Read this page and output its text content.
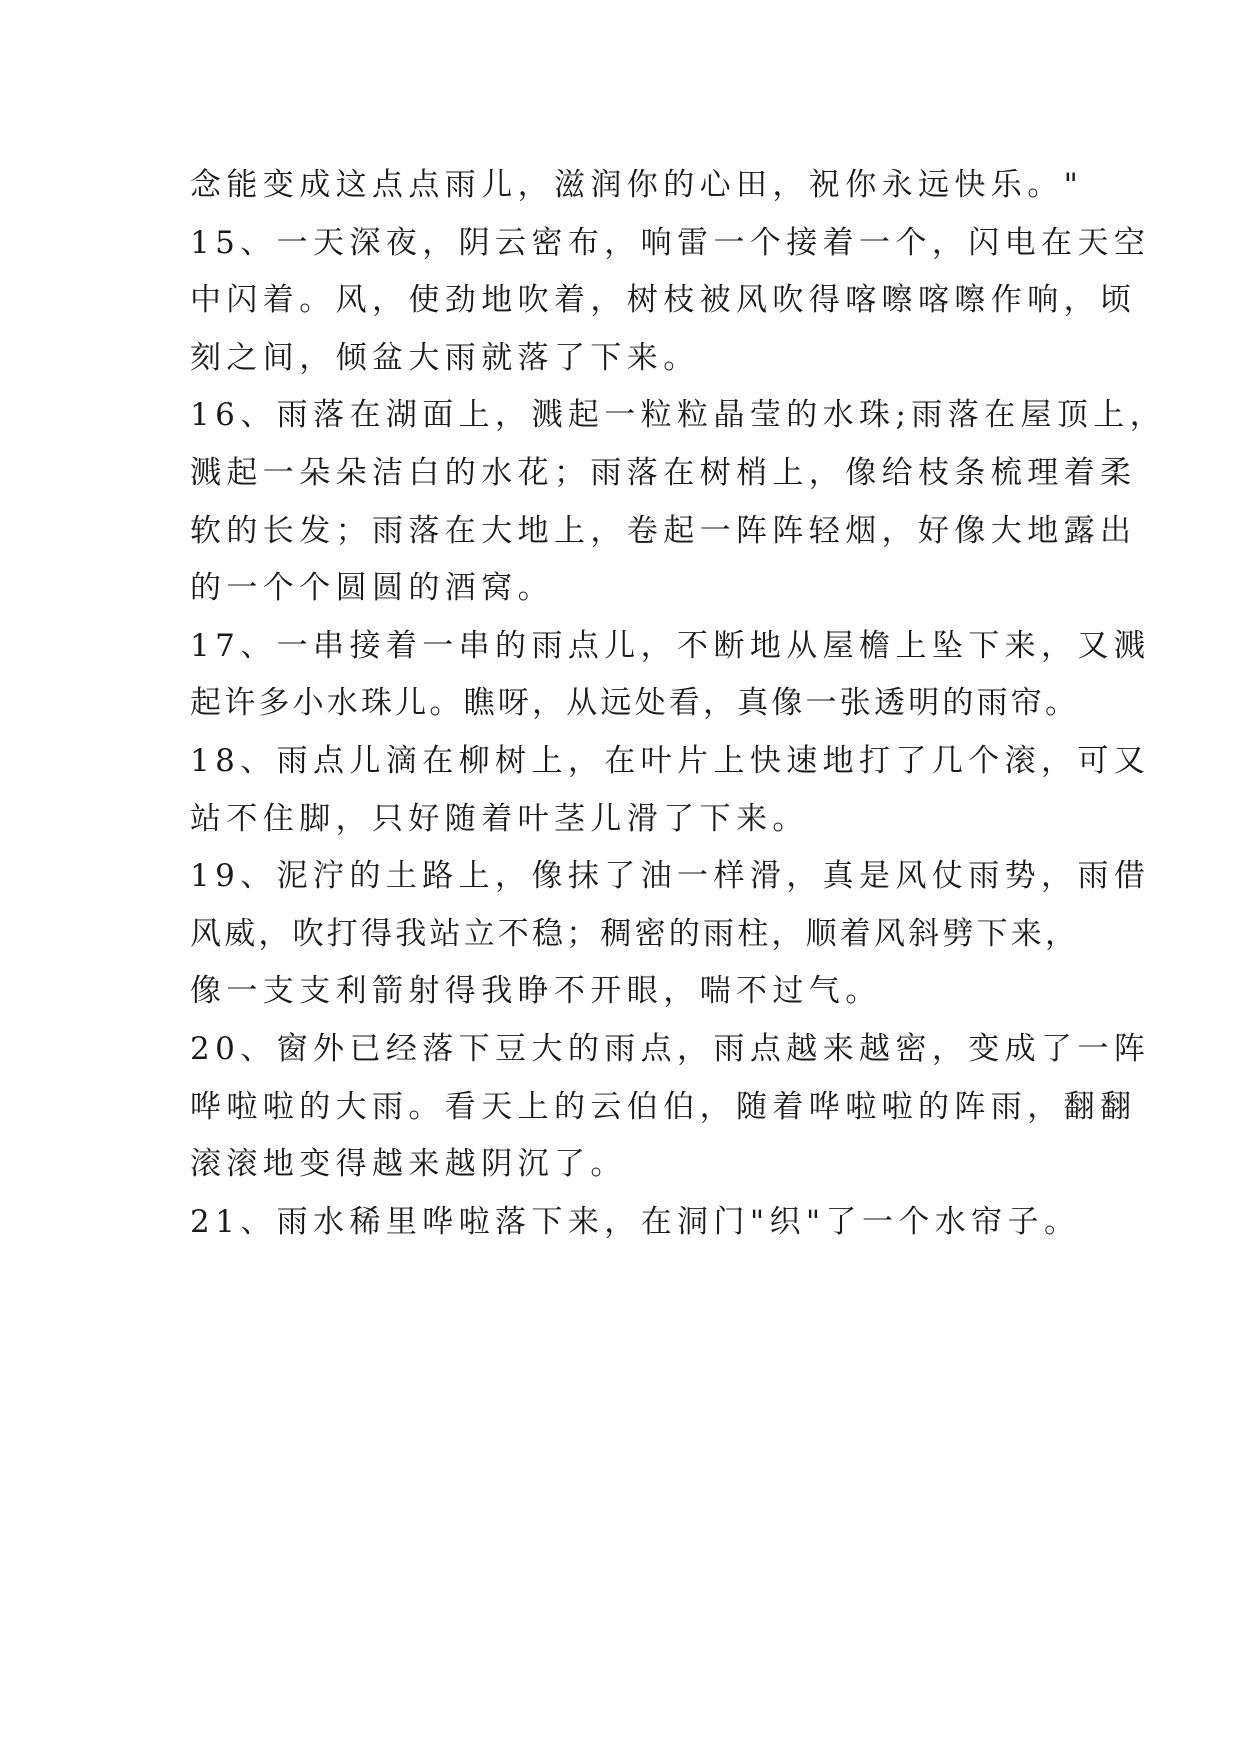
念能变成这点点雨儿，滋润你的心田，祝你永远快乐。"
15、一天深夜，阴云密布，响雷一个接着一个，闪电在天空
中闪着。风，使劲地吹着，树枝被风吹得喀嚓喀嚓作响，顷
刻之间，倾盆大雨就落了下来。
16、雨落在湖面上，溅起一粒粒晶莹的水珠;雨落在屋顶上，
溅起一朵朵洁白的水花；雨落在树梢上，像给枝条梳理着柔
软的长发；雨落在大地上，卷起一阵阵轻烟，好像大地露出
的一个个圆圆的酒窝。
17、一串接着一串的雨点儿，不断地从屋檐上坠下来，又溅
起许多小水珠儿。瞧呀，从远处看，真像一张透明的雨帘。
18、雨点儿滴在柳树上，在叶片上快速地打了几个滚，可又
站不住脚，只好随着叶茎儿滑了下来。
19、泥泞的土路上，像抹了油一样滑，真是风仗雨势，雨借
风威，吹打得我站立不稳；稠密的雨柱，顺着风斜劈下来，
像一支支利箭射得我睁不开眼，喘不过气。
20、窗外已经落下豆大的雨点，雨点越来越密，变成了一阵
哗啦啦的大雨。看天上的云伯伯，随着哗啦啦的阵雨，翻翻
滚滚地变得越来越阴沉了。
21、雨水稀里哗啦落下来，在洞门"织"了一个水帘子。
